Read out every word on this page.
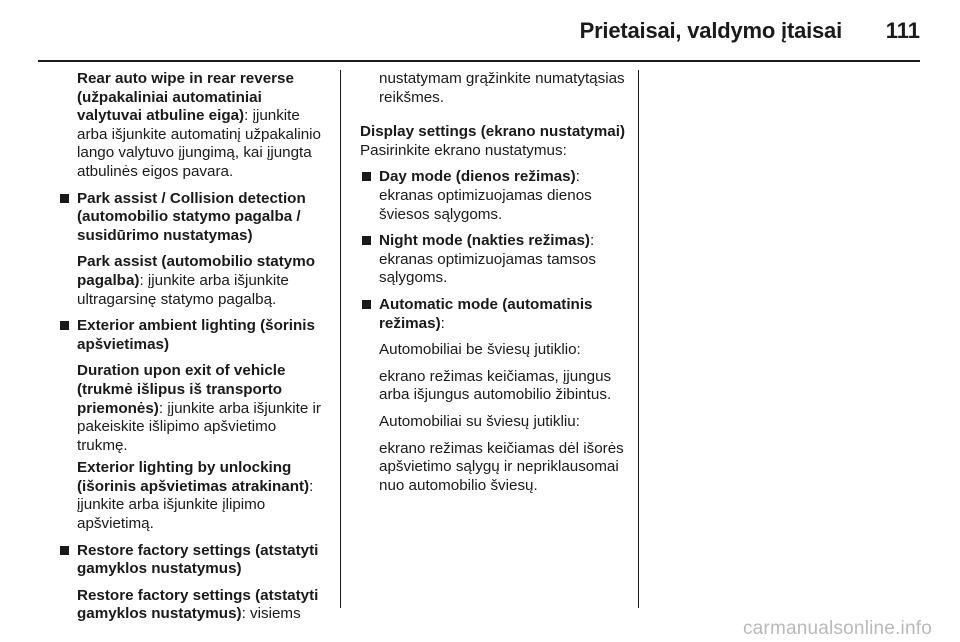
Prietaisai, valdymo įtaisai 111

Rear auto wipe in rear reverse (užpakaliniai automatiniai valytuvai atbuline eiga): įjunkite arba išjunkite automatinį užpakalinio lango valytuvo įjungimą, kai įjungta atbulinės eigos pavara.

Park assist / Collision detection (automobilio statymo pagalba / susidūrimo nustatymas)

Park assist (automobilio statymo pagalba): įjunkite arba išjunkite ultragarsinę statymo pagalbą.

Exterior ambient lighting (šorinis apšvietimas)

Duration upon exit of vehicle (trukmė išlipus iš transporto priemonės): įjunkite arba išjunkite ir pakeiskite išlipimo apšvietimo trukmę.

Exterior lighting by unlocking (išorinis apšvietimas atrakinant): įjunkite arba išjunkite įlipimo apšvietimą.

Restore factory settings (atstatyti gamyklos nustatymus)

Restore factory settings (atstatyti gamyklos nustatymus): visiems

nustatymam grąžinkite numatytąsias reikšmes.

Display settings (ekrano nustatymai)

Pasirinkite ekrano nustatymus:

Day mode (dienos režimas):

ekranas optimizuojamas dienos šviesos sąlygoms.

Night mode (nakties režimas):

ekranas optimizuojamas tamsos sąlygoms.

Automatic mode (automatinis režimas):

Automobiliai be šviesų jutiklio:

ekrano režimas keičiamas, įjungus arba išjungus automobilio žibintus.

Automobiliai su šviesų jutikliu:

ekrano režimas keičiamas dėl išorės apšvietimo sąlygų ir nepriklausomai nuo automobilio šviesų.

carmanualsonline.info
